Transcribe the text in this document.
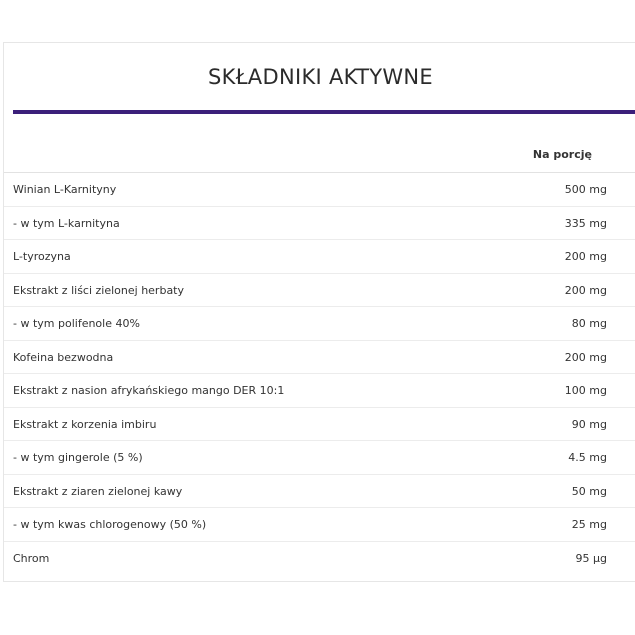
SKŁADNIKI AKTYWNE
Na porcję
Winian L-Karnityny	500 mg
- w tym L-karnityna	335 mg
L-tyrozyna	200 mg
Ekstrakt z liści zielonej herbaty	200 mg
- w tym polifenole 40%	80 mg
Kofeina bezwodna	200 mg
Ekstrakt z nasion afrykańskiego mango DER 10:1	100 mg
Ekstrakt z korzenia imbiru	90 mg
- w tym gingerole (5 %)	4.5 mg
Ekstrakt z ziaren zielonej kawy	50 mg
- w tym kwas chlorogenowy (50 %)	25 mg
Chrom	95 µg
